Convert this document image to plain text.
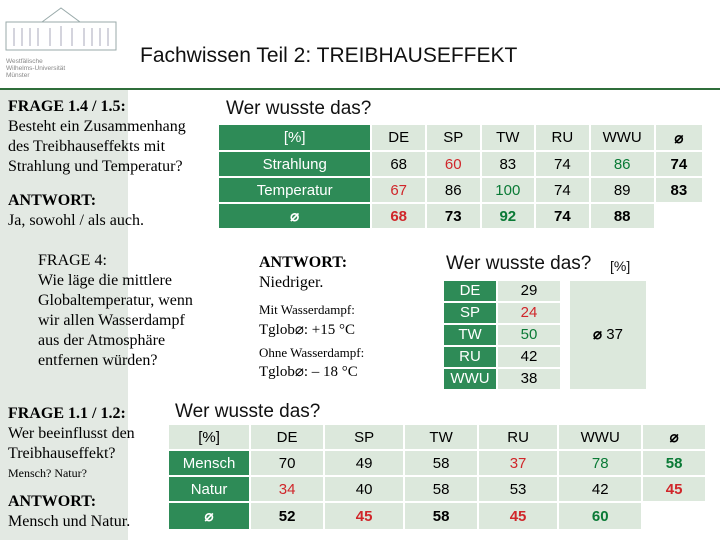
Westfälische
Wilhelms-Universität
Münster
Fachwissen Teil 2: TREIBHAUSEFFEKT
FRAGE 1.4 / 1.5:
Besteht ein Zusammenhang
des Treibhauseffekts mit
Strahlung und Temperatur?
ANTWORT:
Ja, sowohl / als auch.
Wer wusste das?
[%]	DE	SP	TW	RU	WWU	⌀
Strahlung	68	60	83	74	86	74
Temperatur	67	86	100	74	89	83
⌀	68	73	92	74	88	
FRAGE 4:
Wie läge die mittlere
Globaltemperatur, wenn
wir allen Wasserdampf
aus der Atmosphäre
entfernen würden?
ANTWORT:
Niedriger.
Mit Wasserdampf:
Tglob⌀: +15 °C
Ohne Wasserdampf:
Tglob⌀: – 18 °C
Wer wusste das? [%]
DE	29
SP	24
TW	50
RU	42
WWU	38
⌀ 37
FRAGE 1.1 / 1.2:
Wer beeinflusst den
Treibhauseffekt?
Mensch? Natur?
ANTWORT:
Mensch und Natur.
Wer wusste das?
[%]	DE	SP	TW	RU	WWU	⌀
Mensch	70	49	58	37	78	58
Natur	34	40	58	53	42	45
⌀	52	45	58	45	60	
